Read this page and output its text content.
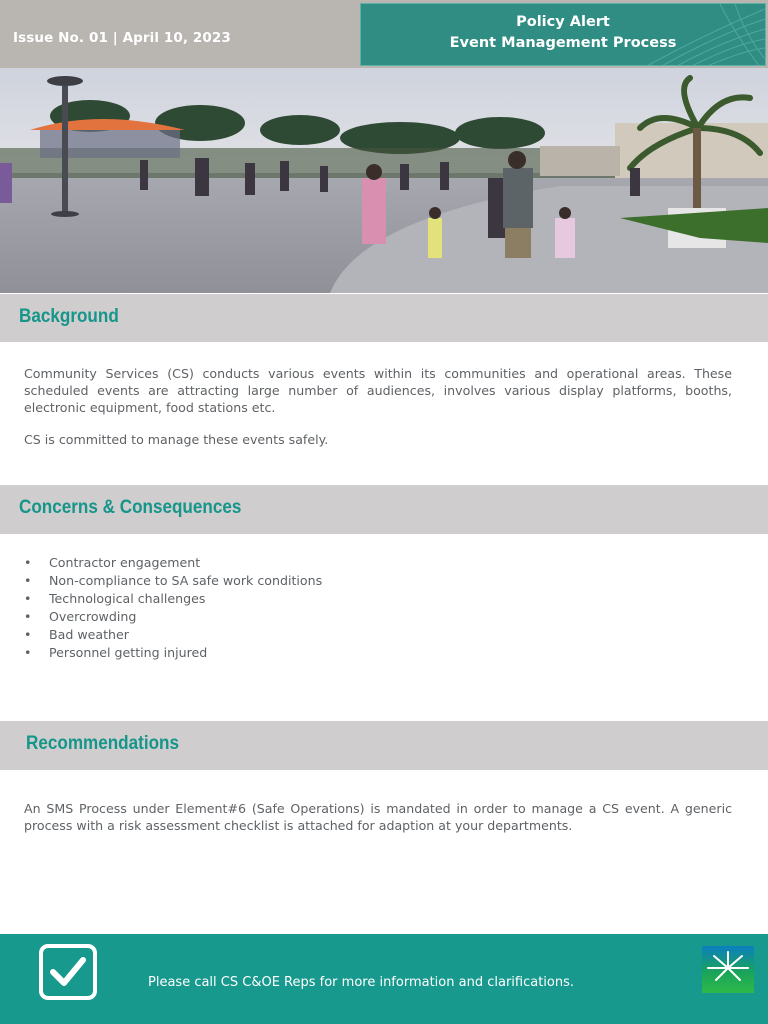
Issue No. 01 | April 10, 2023
Policy Alert
Event Management Process
Background

Community Services (CS) conducts various events within its communities and operational areas. These scheduled events are attracting large number of audiences, involves various display platforms, booths, electronic equipment, food stations etc.

CS is committed to manage these events safely.

Concerns & Consequences
• Contractor engagement
• Non-compliance to SA safe work conditions
• Technological challenges
• Overcrowding
• Bad weather
• Personnel getting injured
Recommendations

An SMS Process under Element#6 (Safe Operations) is mandated in order to manage a CS event. A generic process with a risk assessment checklist is attached for adaption at your departments.

Please call CS C&OE Reps for more information and clarifications.
